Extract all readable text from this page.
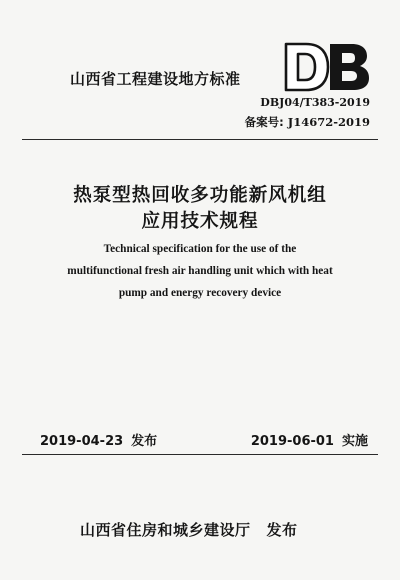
山西省工程建设地方标准
DBJ04/T383-2019
备案号: J14672-2019
热泵型热回收多功能新风机组
应用技术规程
Technical specification for the use of the
multifunctional fresh air handling unit which with heat
pump and energy recovery device
2019-04-23 发布	2019-06-01 实施
山西省住房和城乡建设厅 发布
